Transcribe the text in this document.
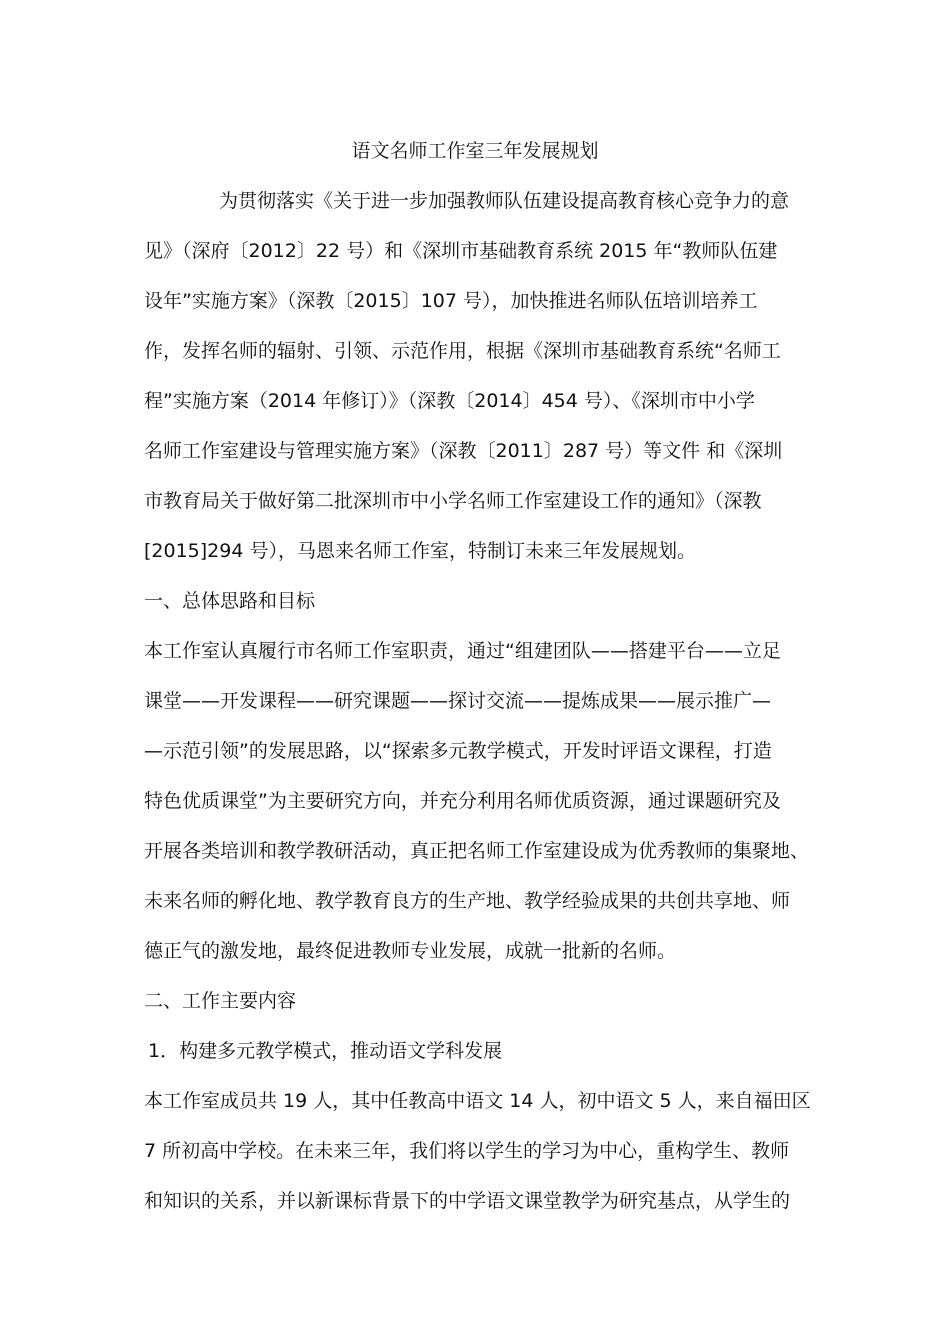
语文名师工作室三年发展规划
为贯彻落实《关于进一步加强教师队伍建设提高教育核心竞争力的意
见》（深府〔2012〕22 号）和《深圳市基础教育系统 2015 年“教师队伍建
设年”实施方案》（深教〔2015〕107 号），加快推进名师队伍培训培养工
作，发挥名师的辐射、引领、示范作用，根据《深圳市基础教育系统“名师工
程”实施方案（2014 年修订）》（深教〔2014〕454 号）、《深圳市中小学
名师工作室建设与管理实施方案》（深教〔2011〕287 号）等文件 和《深圳
市教育局关于做好第二批深圳市中小学名师工作室建设工作的通知》（深教
[2015]294 号），马恩来名师工作室，特制订未来三年发展规划。
一、总体思路和目标
本工作室认真履行市名师工作室职责，通过“组建团队——搭建平台——立足
课堂——开发课程——研究课题——探讨交流——提炼成果——展示推广—
—示范引领”的发展思路，以“探索多元教学模式，开发时评语文课程，打造
特色优质课堂”为主要研究方向，并充分利用名师优质资源，通过课题研究及
开展各类培训和教学教研活动，真正把名师工作室建设成为优秀教师的集聚地、
未来名师的孵化地、教学教育良方的生产地、教学经验成果的共创共享地、师
德正气的激发地，最终促进教师专业发展，成就一批新的名师。
二、工作主要内容
1．构建多元教学模式，推动语文学科发展
本工作室成员共 19 人，其中任教高中语文 14 人，初中语文 5 人，来自福田区
7 所初高中学校。在未来三年，我们将以学生的学习为中心，重构学生、教师
和知识的关系，并以新课标背景下的中学语文课堂教学为研究基点，从学生的
